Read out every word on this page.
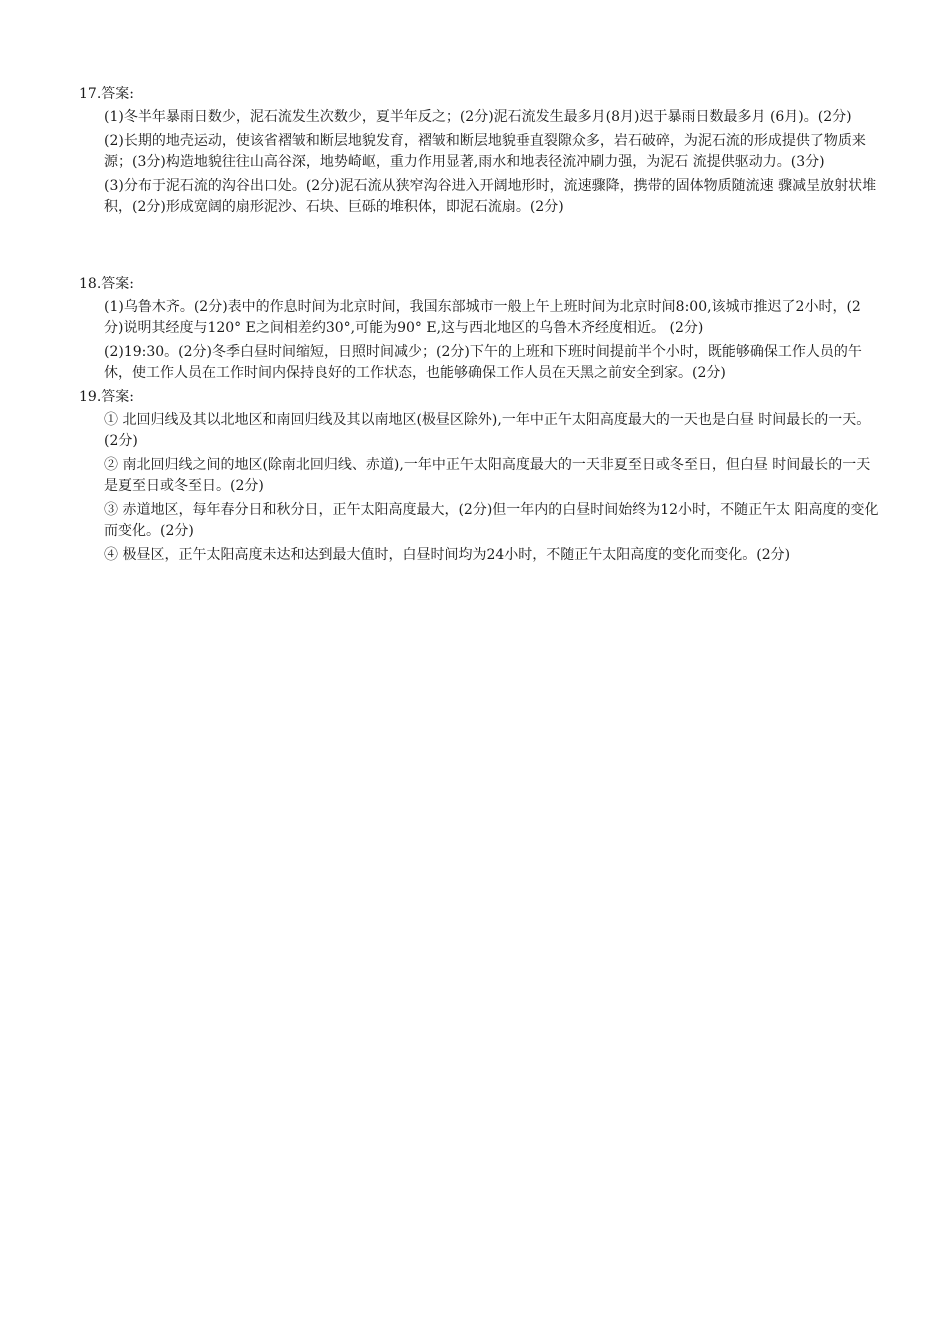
17.答案:

(1)冬半年暴雨日数少，泥石流发生次数少，夏半年反之；(2分)泥石流发生最多月(8月)迟于暴雨日数最多月 (6月)。(2分)

(2)长期的地壳运动，使该省褶皱和断层地貌发育，褶皱和断层地貌垂直裂隙众多，岩石破碎，为泥石流的形成提供了物质来源；(3分)构造地貌往往山高谷深，地势崎岖，重力作用显著,雨水和地表径流冲刷力强，为泥石 流提供驱动力。(3分)

(3)分布于泥石流的沟谷出口处。(2分)泥石流从狭窄沟谷进入开阔地形时，流速骤降，携带的固体物质随流速 骤减呈放射状堆积，(2分)形成宽阔的扇形泥沙、石块、巨砾的堆积体，即泥石流扇。(2分)

18.答案:

(1)乌鲁木齐。(2分)表中的作息时间为北京时间，我国东部城市一般上午上班时间为北京时间8:00,该城市推迟了2小时，(2分)说明其经度与120° E之间相差约30°,可能为90° E,这与西北地区的乌鲁木齐经度相近。 (2分)

(2)19:30。(2分)冬季白昼时间缩短，日照时间减少；(2分)下午的上班和下班时间提前半个小时，既能够确保工作人员的午休，使工作人员在工作时间内保持良好的工作状态，也能够确保工作人员在天黑之前安全到家。(2分)

19.答案:

① 北回归线及其以北地区和南回归线及其以南地区(极昼区除外),一年中正午太阳高度最大的一天也是白昼 时间最长的一天。(2分)

② 南北回归线之间的地区(除南北回归线、赤道),一年中正午太阳高度最大的一天非夏至日或冬至日，但白昼 时间最长的一天是夏至日或冬至日。(2分)

③ 赤道地区，每年春分日和秋分日，正午太阳高度最大，(2分)但一年内的白昼时间始终为12小时，不随正午太 阳高度的变化而变化。(2分)

④ 极昼区，正午太阳高度未达和达到最大值时，白昼时间均为24小时，不随正午太阳高度的变化而变化。(2分)
